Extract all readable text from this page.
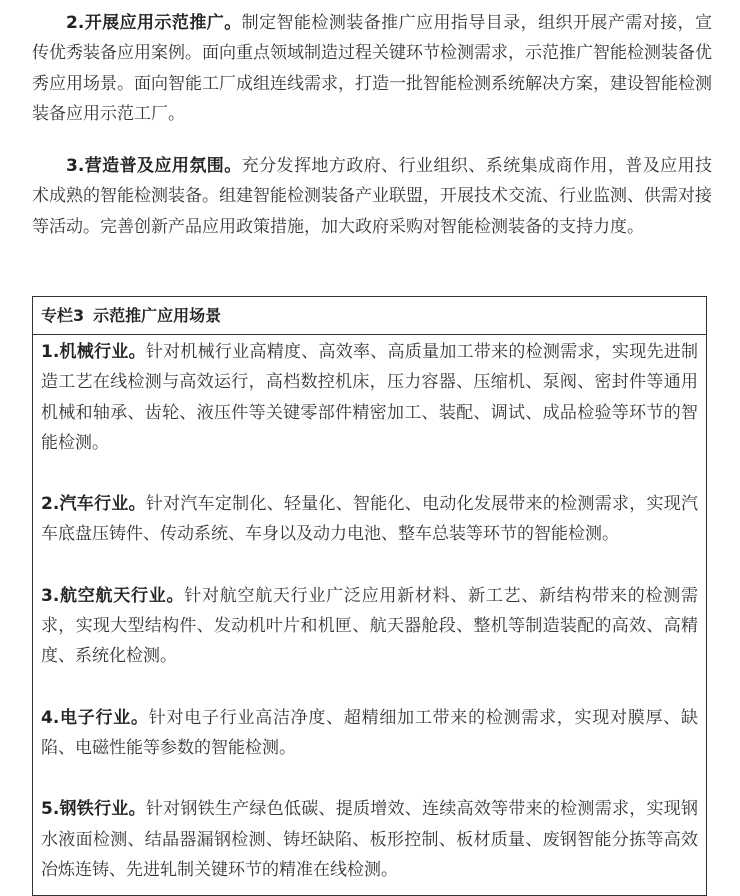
2.开展应用示范推广。制定智能检测装备推广应用指导目录，组织开展产需对接，宣传优秀装备应用案例。面向重点领域制造过程关键环节检测需求，示范推广智能检测装备优秀应用场景。面向智能工厂成组连线需求，打造一批智能检测系统解决方案，建设智能检测装备应用示范工厂。

3.营造普及应用氛围。充分发挥地方政府、行业组织、系统集成商作用，普及应用技术成熟的智能检测装备。组建智能检测装备产业联盟，开展技术交流、行业监测、供需对接等活动。完善创新产品应用政策措施，加大政府采购对智能检测装备的支持力度。

专栏3 示范推广应用场景

1.机械行业。针对机械行业高精度、高效率、高质量加工带来的检测需求，实现先进制造工艺在线检测与高效运行，高档数控机床，压力容器、压缩机、泵阀、密封件等通用机械和轴承、齿轮、液压件等关键零部件精密加工、装配、调试、成品检验等环节的智能检测。

2.汽车行业。针对汽车定制化、轻量化、智能化、电动化发展带来的检测需求，实现汽车底盘压铸件、传动系统、车身以及动力电池、整车总装等环节的智能检测。

3.航空航天行业。针对航空航天行业广泛应用新材料、新工艺、新结构带来的检测需求，实现大型结构件、发动机叶片和机匣、航天器舱段、整机等制造装配的高效、高精度、系统化检测。

4.电子行业。针对电子行业高洁净度、超精细加工带来的检测需求，实现对膜厚、缺陷、电磁性能等参数的智能检测。

5.钢铁行业。针对钢铁生产绿色低碳、提质增效、连续高效等带来的检测需求，实现钢水液面检测、结晶器漏钢检测、铸坯缺陷、板形控制、板材质量、废钢智能分拣等高效冶炼连铸、先进轧制关键环节的精准在线检测。
